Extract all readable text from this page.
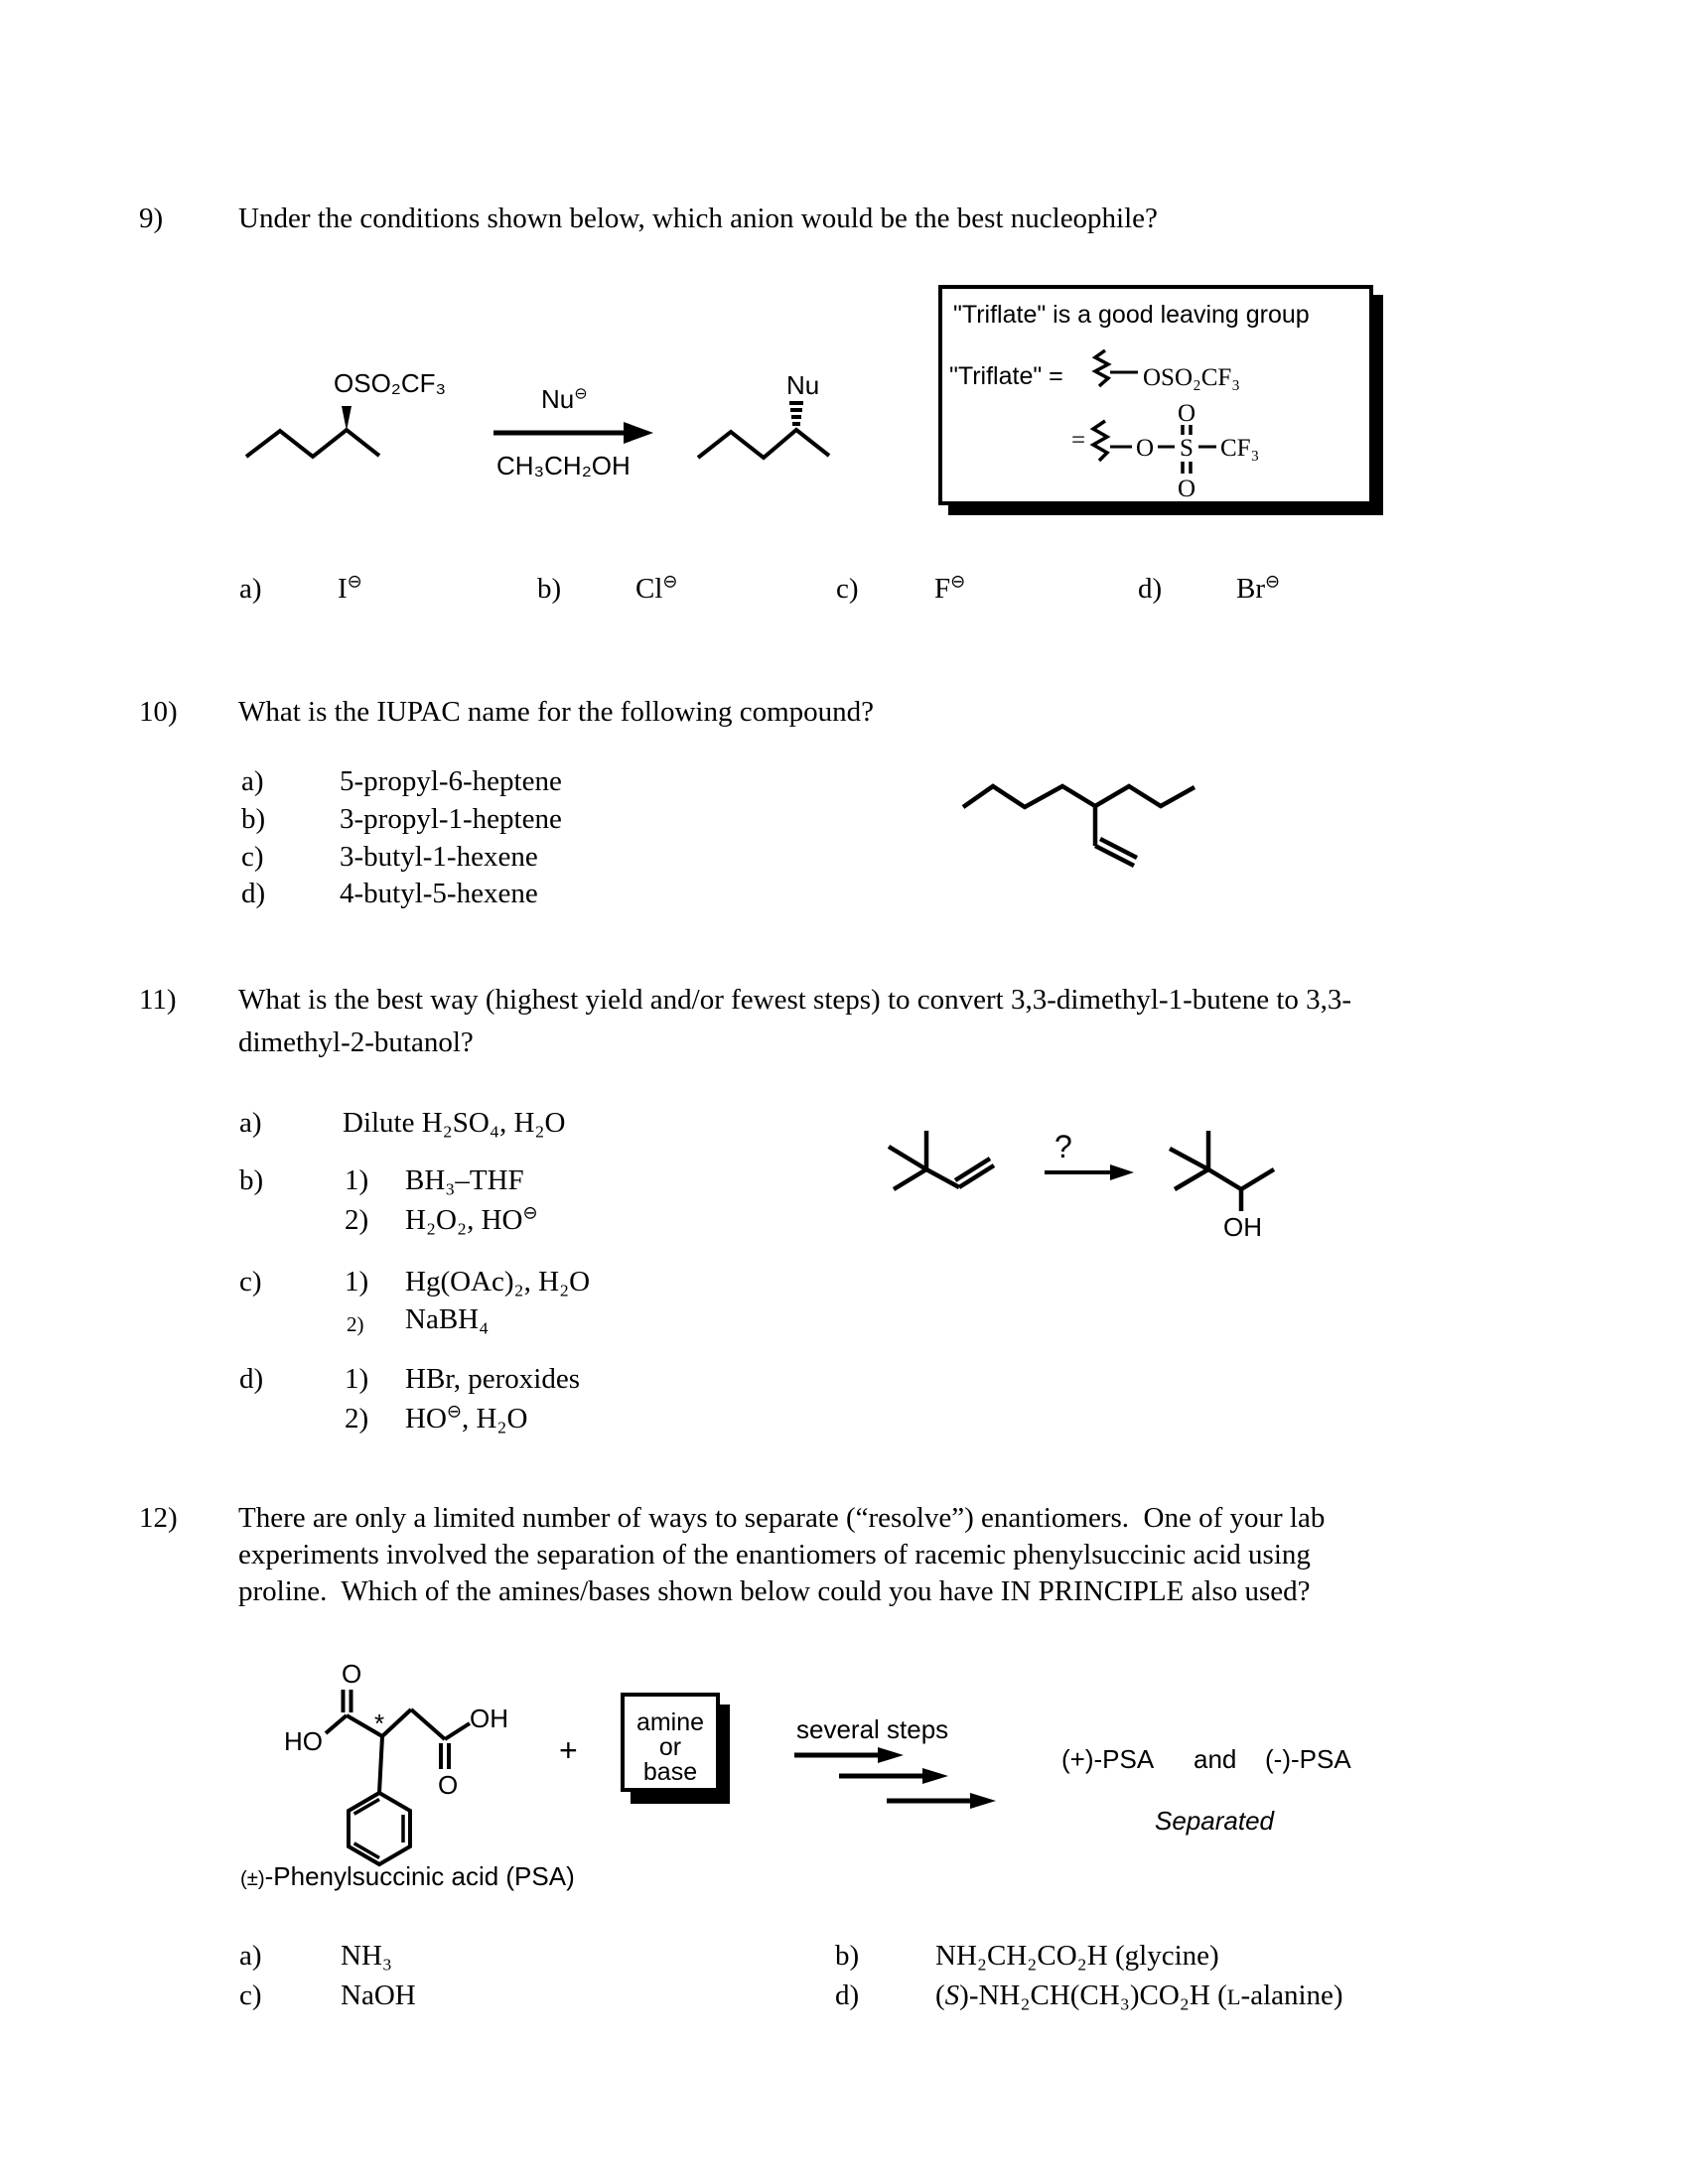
9)	Under the conditions shown below, which anion would be the best nucleophile?
OSO₂CF₃
Nu⊖
CH₃CH₂OH
Nu
"Triflate" is a good leaving group
"Triflate" =	OSO₂CF₃
= O S CF₃
O
O
a)	I⊖	b)	Cl⊖	c)	F⊖	d)	Br⊖
10) What is the IUPAC name for the following compound?
a)	5-propyl-6-heptene
b)	3-propyl-1-heptene
c)	3-butyl-1-hexene
d)	4-butyl-5-hexene
11) What is the best way (highest yield and/or fewest steps) to convert 3,3-dimethyl-1-butene to 3,3-
dimethyl-2-butanol?
a)	Dilute H₂SO₄, H₂O
b)	1) BH₃–THF
2) H₂O₂, HO⊖
c)	1) Hg(OAc)₂, H₂O
2) NaBH₄
d)	1) HBr, peroxides
2) HO⊖, H₂O
?
OH
12) There are only a limited number of ways to separate (“resolve”) enantiomers.  One of your lab
experiments involved the separation of the enantiomers of racemic phenylsuccinic acid using
proline.  Which of the amines/bases shown below could you have IN PRINCIPLE also used?
O
HO
*	OH
O
(±)-Phenylsuccinic acid (PSA)
+
amine
or
base
several steps
(+)-PSA and (-)-PSA
Separated
a)	NH₃	b)	NH₂CH₂CO₂H (glycine)
c)	NaOH	d)	(S)-NH₂CH(CH₃)CO₂H (L-alanine)
